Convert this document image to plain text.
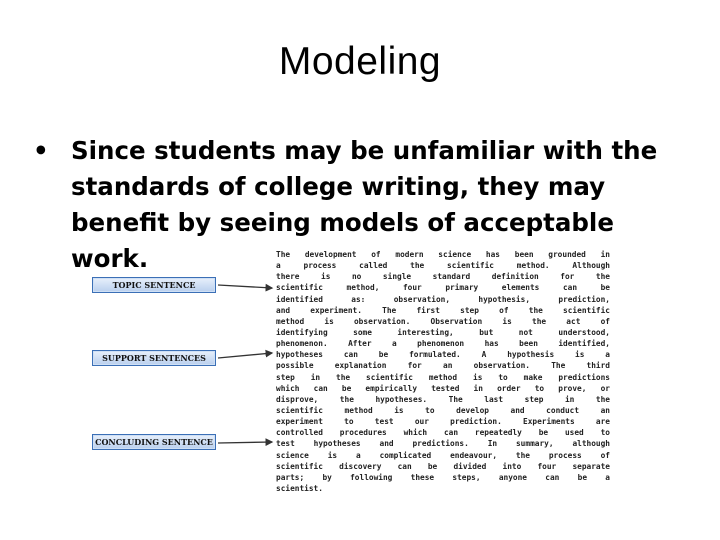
Modeling
• Since students may be unfamiliar with the standards of college writing, they may benefit by seeing models of acceptable work.
TOPIC SENTENCE
SUPPORT SENTENCES
CONCLUDING SENTENCE
The development of modern science has been grounded in
a process called the scientific method. Although
there is no single standard definition for the
scientific method, four primary elements can be
identified as: observation, hypothesis, prediction,
and experiment. The first step of the scientific
method is observation. Observation is the act of
identifying some interesting, but not understood,
phenomenon. After a phenomenon has been identified,
hypotheses can be formulated. A hypothesis is a
possible explanation for an observation. The third
step in the scientific method is to make predictions
which can be empirically tested in order to prove, or
disprove, the hypotheses. The last step in the
scientific method is to develop and conduct an
experiment to test our prediction. Experiments are
controlled procedures which can repeatedly be used to
test hypotheses and predictions. In summary, although
science is a complicated endeavour, the process of
scientific discovery can be divided into four separate
parts; by following these steps, anyone can be a
scientist.
